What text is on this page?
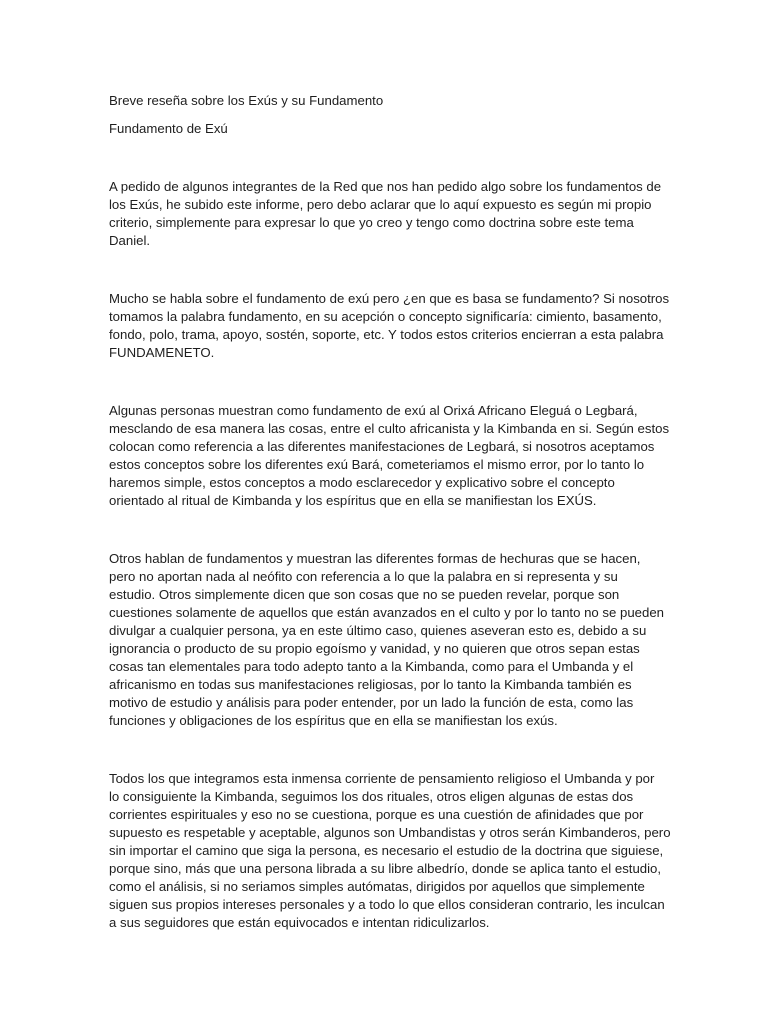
Breve reseña sobre los Exús y su Fundamento

Fundamento de Exú

A pedido de algunos integrantes de la Red que nos han pedido algo sobre los fundamentos de

los Exús, he subido este informe, pero debo aclarar que lo aquí expuesto es según mi propio

criterio, simplemente para expresar lo que yo creo y tengo como doctrina sobre este tema

Daniel.

Mucho se habla sobre el fundamento de exú pero ¿en que es basa se fundamento? Si nosotros

tomamos la palabra fundamento, en su acepción o concepto significaría: cimiento, basamento,

fondo, polo, trama, apoyo, sostén, soporte, etc. Y todos estos criterios encierran a esta palabra

FUNDAMENETO.

Algunas personas muestran como fundamento de exú al Orixá Africano Eleguá o Legbará,

mesclando de esa manera las cosas, entre el culto africanista y la Kimbanda en si. Según estos

colocan como referencia a las diferentes manifestaciones de Legbará, si nosotros aceptamos

estos conceptos sobre los diferentes exú Bará, cometeriamos el mismo error, por lo tanto lo

haremos simple, estos conceptos a modo esclarecedor y explicativo sobre el concepto

orientado al ritual de Kimbanda y los espíritus que en ella se manifiestan los EXÚS.

Otros hablan de fundamentos y muestran las diferentes formas de hechuras que se hacen,

pero no aportan nada al neófito con referencia a lo que la palabra en si representa y su

estudio. Otros simplemente dicen que son cosas que no se pueden revelar, porque son

cuestiones solamente de aquellos que están avanzados en el culto y por lo tanto no se pueden

divulgar a cualquier persona, ya en este último caso, quienes aseveran esto es, debido a su

ignorancia o producto de su propio egoísmo y vanidad, y no quieren que otros sepan estas

cosas tan elementales para todo adepto tanto a la Kimbanda, como para el Umbanda y el

africanismo en todas sus manifestaciones religiosas, por lo tanto la Kimbanda también es

motivo de estudio y análisis para poder entender, por un lado la función de esta, como las

funciones y obligaciones de los espíritus que en ella se manifiestan los exús.

Todos los que integramos esta inmensa corriente de pensamiento religioso el Umbanda y por

lo consiguiente la Kimbanda, seguimos los dos rituales, otros eligen algunas de estas dos

corrientes espirituales y eso no se cuestiona, porque es una cuestión de afinidades que por

supuesto es respetable y aceptable, algunos son Umbandistas y otros serán Kimbanderos, pero

sin importar el camino que siga la persona, es necesario el estudio de la doctrina que siguiese,

porque sino, más que una persona librada a su libre albedrío, donde se aplica tanto el estudio,

como el análisis, si no seriamos simples autómatas, dirigidos por aquellos que simplemente

siguen sus propios intereses personales y a todo lo que ellos consideran contrario, les inculcan

a sus seguidores que están equivocados e intentan ridiculizarlos.
